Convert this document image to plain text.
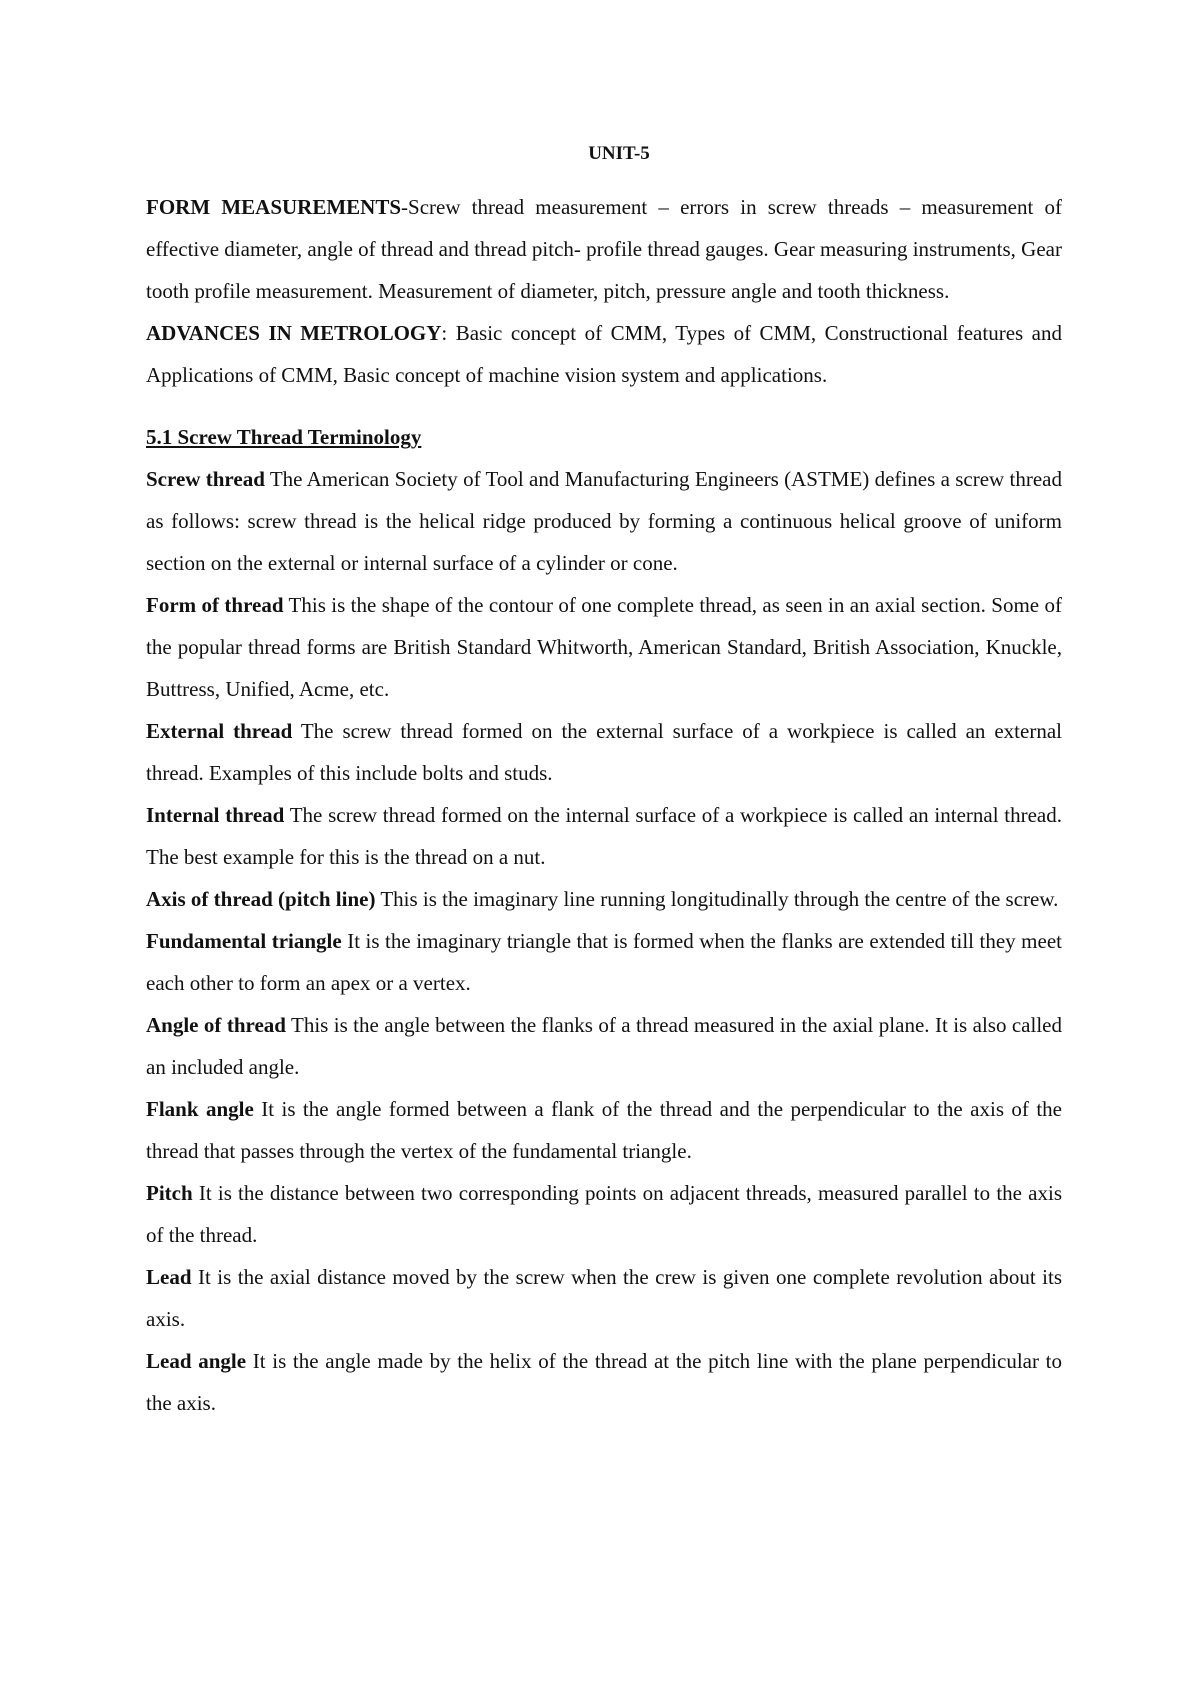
UNIT-5

FORM MEASUREMENTS-Screw thread measurement – errors in screw threads – measurement of effective diameter, angle of thread and thread pitch- profile thread gauges. Gear measuring instruments, Gear tooth profile measurement. Measurement of diameter, pitch, pressure angle and tooth thickness.

ADVANCES IN METROLOGY: Basic concept of CMM, Types of CMM, Constructional features and Applications of CMM, Basic concept of machine vision system and applications.

5.1 Screw Thread Terminology

Screw thread The American Society of Tool and Manufacturing Engineers (ASTME) defines a screw thread as follows: screw thread is the helical ridge produced by forming a continuous helical groove of uniform section on the external or internal surface of a cylinder or cone.

Form of thread This is the shape of the contour of one complete thread, as seen in an axial section. Some of the popular thread forms are British Standard Whitworth, American Standard, British Association, Knuckle, Buttress, Unified, Acme, etc.

External thread The screw thread formed on the external surface of a workpiece is called an external thread. Examples of this include bolts and studs.

Internal thread The screw thread formed on the internal surface of a workpiece is called an internal thread. The best example for this is the thread on a nut.

Axis of thread (pitch line) This is the imaginary line running longitudinally through the centre of the screw.

Fundamental triangle It is the imaginary triangle that is formed when the flanks are extended till they meet each other to form an apex or a vertex.

Angle of thread This is the angle between the flanks of a thread measured in the axial plane. It is also called an included angle.

Flank angle It is the angle formed between a flank of the thread and the perpendicular to the axis of the thread that passes through the vertex of the fundamental triangle.

Pitch It is the distance between two corresponding points on adjacent threads, measured parallel to the axis of the thread.

Lead It is the axial distance moved by the screw when the crew is given one complete revolution about its axis.

Lead angle It is the angle made by the helix of the thread at the pitch line with the plane perpendicular to the axis.
